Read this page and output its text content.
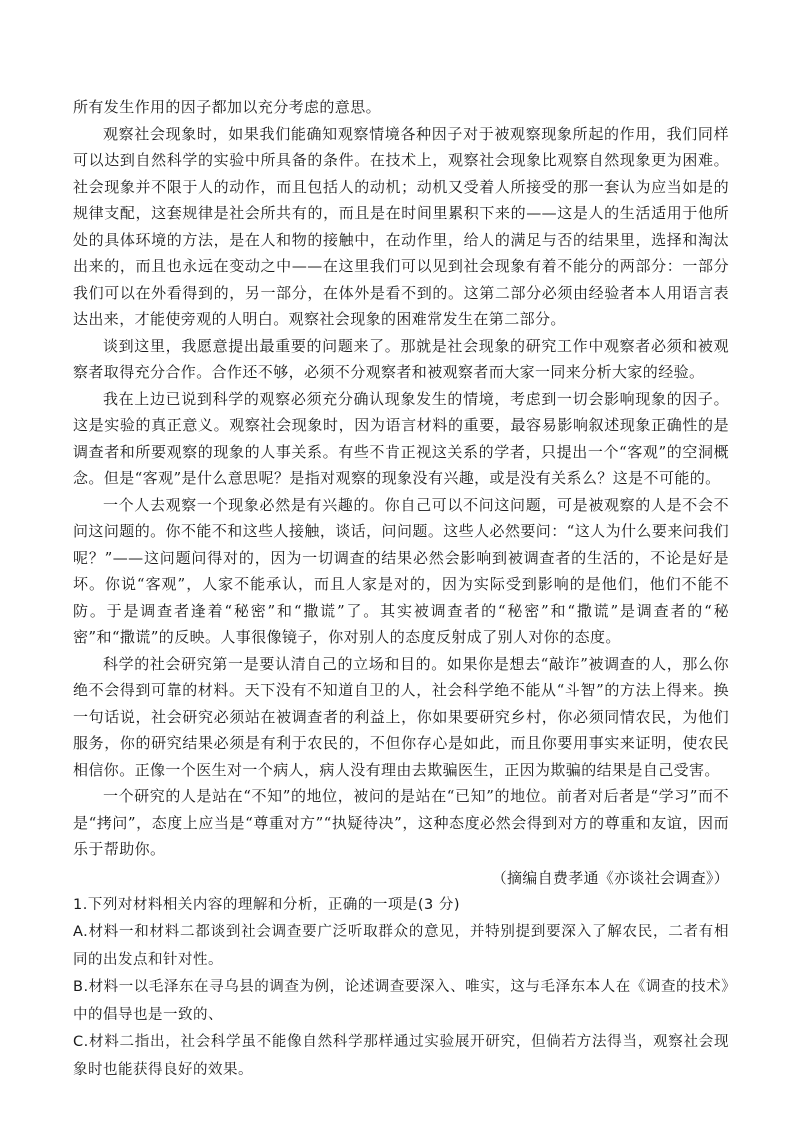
所有发生作用的因子都加以充分考虑的意思。

观察社会现象时，如果我们能确知观察情境各种因子对于被观察现象所起的作用，我们同样可以达到自然科学的实验中所具备的条件。在技术上，观察社会现象比观察自然现象更为困难。社会现象并不限于人的动作，而且包括人的动机；动机又受着人所接受的那一套认为应当如是的规律支配，这套规律是社会所共有的，而且是在时间里累积下来的——这是人的生活适用于他所处的具体环境的方法，是在人和物的接触中，在动作里，给人的满足与否的结果里，选择和淘汰出来的，而且也永远在变动之中——在这里我们可以见到社会现象有着不能分的两部分：一部分我们可以在外看得到的，另一部分，在体外是看不到的。这第二部分必须由经验者本人用语言表达出来，才能使旁观的人明白。观察社会现象的困难常发生在第二部分。

谈到这里，我愿意提出最重要的问题来了。那就是社会现象的研究工作中观察者必须和被观察者取得充分合作。合作还不够，必须不分观察者和被观察者而大家一同来分析大家的经验。

我在上边已说到科学的观察必须充分确认现象发生的情境，考虑到一切会影响现象的因子。这是实验的真正意义。观察社会现象时，因为语言材料的重要，最容易影响叙述现象正确性的是调查者和所要观察的现象的人事关系。有些不肯正视这关系的学者，只提出一个“客观”的空洞概念。但是“客观”是什么意思呢？是指对观察的现象没有兴趣，或是没有关系么？这是不可能的。

一个人去观察一个现象必然是有兴趣的。你自己可以不问这问题，可是被观察的人是不会不问这问题的。你不能不和这些人接触，谈话，问问题。这些人必然要问：“这人为什么要来问我们呢？”——这问题问得对的，因为一切调查的结果必然会影响到被调查者的生活的，不论是好是坏。你说“客观”，人家不能承认，而且人家是对的，因为实际受到影响的是他们，他们不能不防。于是调查者逢着“秘密”和“撒谎”了。其实被调查者的“秘密”和“撒谎”是调查者的“秘密”和“撒谎”的反映。人事很像镜子，你对别人的态度反射成了别人对你的态度。

科学的社会研究第一是要认清自己的立场和目的。如果你是想去“敲诈”被调查的人，那么你绝不会得到可靠的材料。天下没有不知道自卫的人，社会科学绝不能从“斗智”的方法上得来。换一句话说，社会研究必须站在被调查者的利益上，你如果要研究乡村，你必须同情农民，为他们服务，你的研究结果必须是有利于农民的，不但你存心是如此，而且你要用事实来证明，使农民相信你。正像一个医生对一个病人，病人没有理由去欺骗医生，正因为欺骗的结果是自己受害。

一个研究的人是站在“不知”的地位，被问的是站在“已知”的地位。前者对后者是“学习”而不是“拷问”，态度上应当是“尊重对方”“执疑待决”，这种态度必然会得到对方的尊重和友谊，因而乐于帮助你。

（摘编自费孝通《亦谈社会调查》）

1.下列对材料相关内容的理解和分析，正确的一项是(3 分)

A.材料一和材料二都谈到社会调查要广泛听取群众的意见，并特别提到要深入了解农民，二者有相同的出发点和针对性。

B.材料一以毛泽东在寻乌县的调查为例，论述调查要深入、唯实，这与毛泽东本人在《调查的技术》中的倡导也是一致的、

C.材料二指出，社会科学虽不能像自然科学那样通过实验展开研究，但倘若方法得当，观察社会现象时也能获得良好的效果。
